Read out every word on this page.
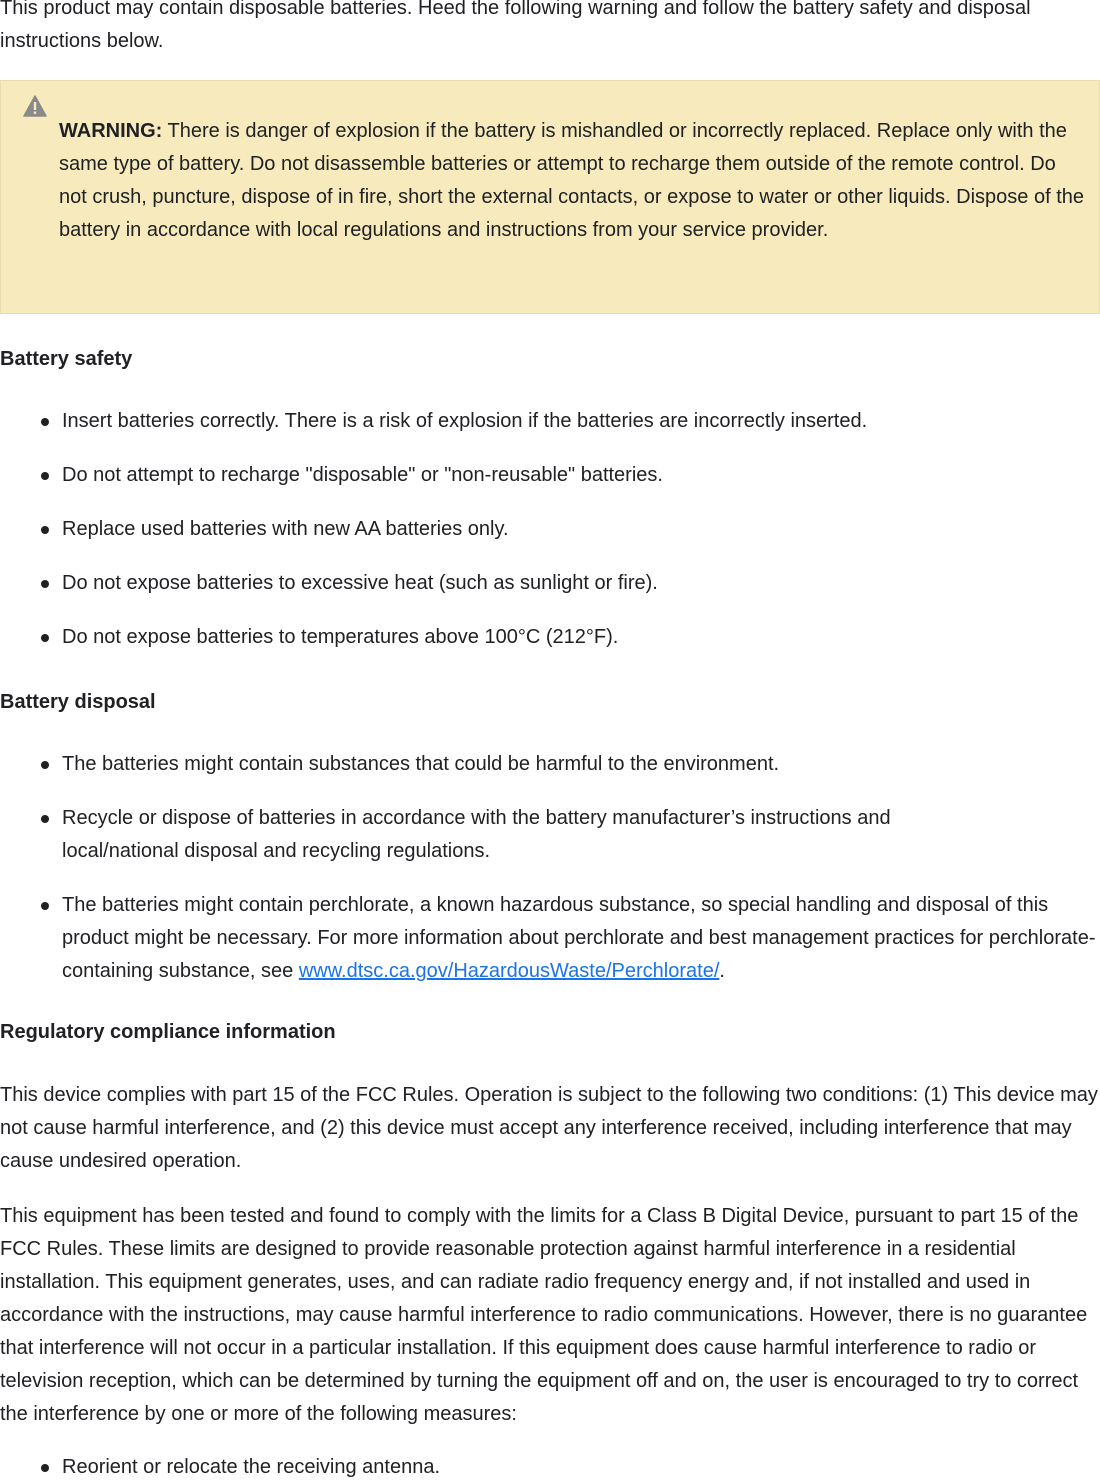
This product may contain disposable batteries. Heed the following warning and follow the battery safety and disposal instructions below.

WARNING: There is danger of explosion if the battery is mishandled or incorrectly replaced. Replace only with the same type of battery. Do not disassemble batteries or attempt to recharge them outside of the remote control. Do not crush, puncture, dispose of in fire, short the external contacts, or expose to water or other liquids. Dispose of the battery in accordance with local regulations and instructions from your service provider.

Battery safety
Insert batteries correctly. There is a risk of explosion if the batteries are incorrectly inserted.
Do not attempt to recharge "disposable" or "non-reusable" batteries.
Replace used batteries with new AA batteries only.
Do not expose batteries to excessive heat (such as sunlight or fire).
Do not expose batteries to temperatures above 100°C (212°F).
Battery disposal
The batteries might contain substances that could be harmful to the environment.
Recycle or dispose of batteries in accordance with the battery manufacturer’s instructions and local/national disposal and recycling regulations.
The batteries might contain perchlorate, a known hazardous substance, so special handling and disposal of this product might be necessary. For more information about perchlorate and best management practices for perchlorate-containing substance, see www.dtsc.ca.gov/HazardousWaste/Perchlorate/.
Regulatory compliance information

This device complies with part 15 of the FCC Rules. Operation is subject to the following two conditions: (1) This device may not cause harmful interference, and (2) this device must accept any interference received, including interference that may cause undesired operation.

This equipment has been tested and found to comply with the limits for a Class B Digital Device, pursuant to part 15 of the FCC Rules. These limits are designed to provide reasonable protection against harmful interference in a residential installation. This equipment generates, uses, and can radiate radio frequency energy and, if not installed and used in accordance with the instructions, may cause harmful interference to radio communications. However, there is no guarantee that interference will not occur in a particular installation. If this equipment does cause harmful interference to radio or television reception, which can be determined by turning the equipment off and on, the user is encouraged to try to correct the interference by one or more of the following measures:

Reorient or relocate the receiving antenna.
